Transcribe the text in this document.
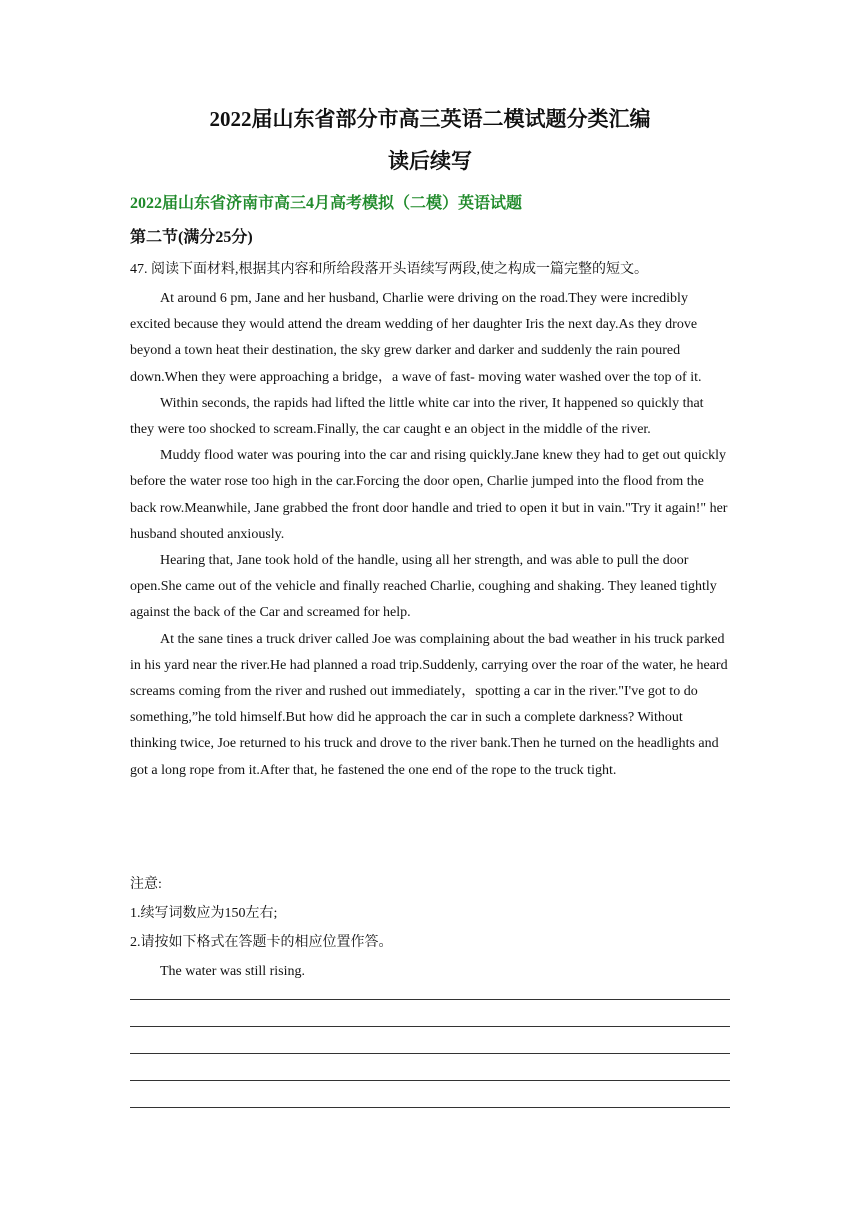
2022届山东省部分市高三英语二模试题分类汇编
读后续写
2022届山东省济南市高三4月高考模拟（二模）英语试题
第二节(满分25分)
47. 阅读下面材料,根据其内容和所给段落开头语续写两段,使之构成一篇完整的短文。

At around 6 pm, Jane and her husband, Charlie were driving on the road.They were incredibly excited because they would attend the dream wedding of her daughter Iris the next day.As they drove beyond a town heat their destination, the sky grew darker and darker and suddenly the rain poured down.When they were approaching a bridge，a wave of fast- moving water washed over the top of it.

Within seconds, the rapids had lifted the little white car into the river, It happened so quickly that they were too shocked to scream.Finally, the car caught e an object in the middle of the river.

Muddy flood water was pouring into the car and rising quickly.Jane knew they had to get out quickly before the water rose too high in the car.Forcing the door open, Charlie jumped into the flood from the back row.Meanwhile, Jane grabbed the front door handle and tried to open it but in vain."Try it again!" her husband shouted anxiously.

Hearing that, Jane took hold of the handle, using all her strength, and was able to pull the door open.She came out of the vehicle and finally reached Charlie, coughing and shaking. They leaned tightly against the back of the Car and screamed for help.

At the sane tines a truck driver called Joe was complaining about the bad weather in his truck parked in his yard near the river.He had planned a road trip.Suddenly, carrying over the roar of the water, he heard screams coming from the river and rushed out immediately，spotting a car in the river."I've got to do something,”he told himself.But how did he approach the car in such a complete darkness? Without thinking twice, Joe returned to his truck and drove to the river bank.Then he turned on the headlights and got a long rope from it.After that, he fastened the one end of the rope to the truck tight.

注意:
1.续写词数应为150左右;
2.请按如下格式在答题卡的相应位置作答。
The water was still rising.
